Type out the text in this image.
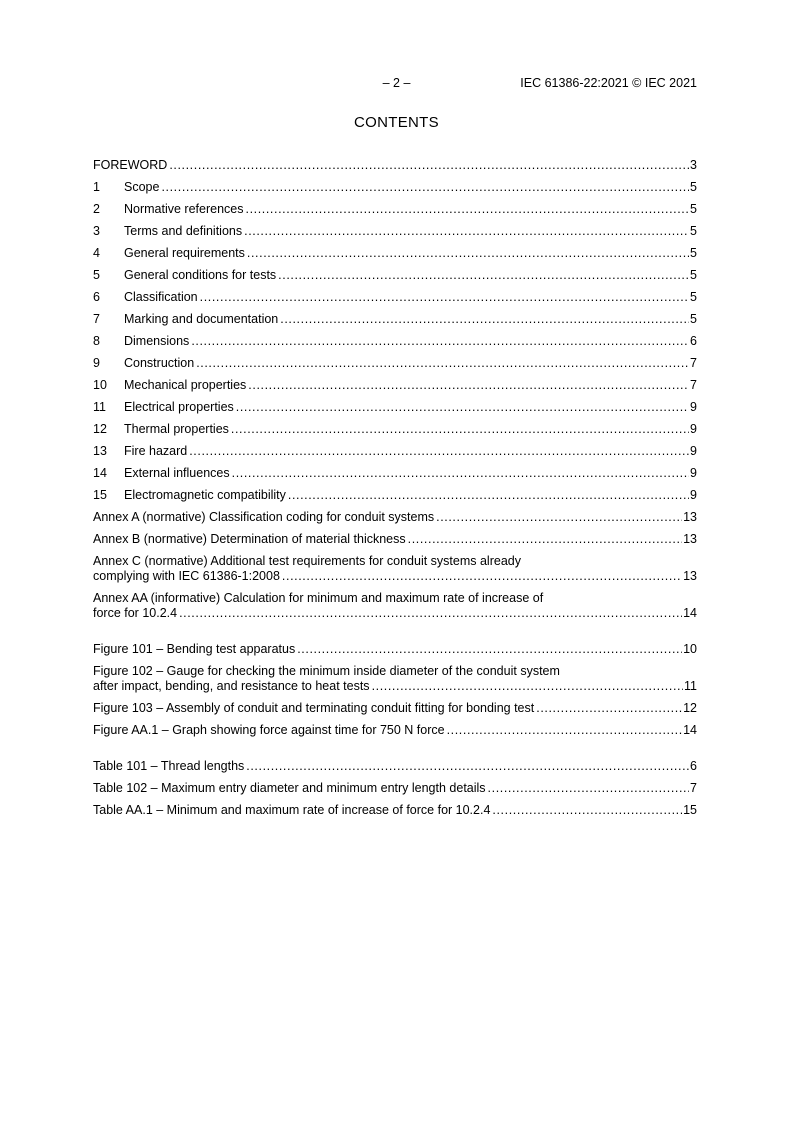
– 2 –	IEC 61386-22:2021 © IEC 2021
CONTENTS
FOREWORD .....	3
1	Scope .....	5
2	Normative references .....	5
3	Terms and definitions .....	5
4	General requirements .....	5
5	General conditions for tests .....	5
6	Classification .....	5
7	Marking and documentation .....	5
8	Dimensions .....	6
9	Construction .....	7
10	Mechanical properties .....	7
11	Electrical properties .....	9
12	Thermal properties .....	9
13	Fire hazard .....	9
14	External influences .....	9
15	Electromagnetic compatibility .....	9
Annex A (normative) Classification coding for conduit systems .....	13
Annex B (normative) Determination of material thickness .....	13
Annex C (normative) Additional test requirements for conduit systems already
complying with IEC 61386-1:2008 .....	13
Annex AA (informative) Calculation for minimum and maximum rate of increase of
force for 10.2.4 .....	14
Figure 101 – Bending test apparatus .....	10
Figure 102 – Gauge for checking the minimum inside diameter of the conduit system
after impact, bending, and resistance to heat tests .....	11
Figure 103 – Assembly of conduit and terminating conduit fitting for bonding test .....	12
Figure AA.1 – Graph showing force against time for 750 N force .....	14
Table 101 – Thread lengths .....	6
Table 102 – Maximum entry diameter and minimum entry length details .....	7
Table AA.1 – Minimum and maximum rate of increase of force for 10.2.4 .....	15
